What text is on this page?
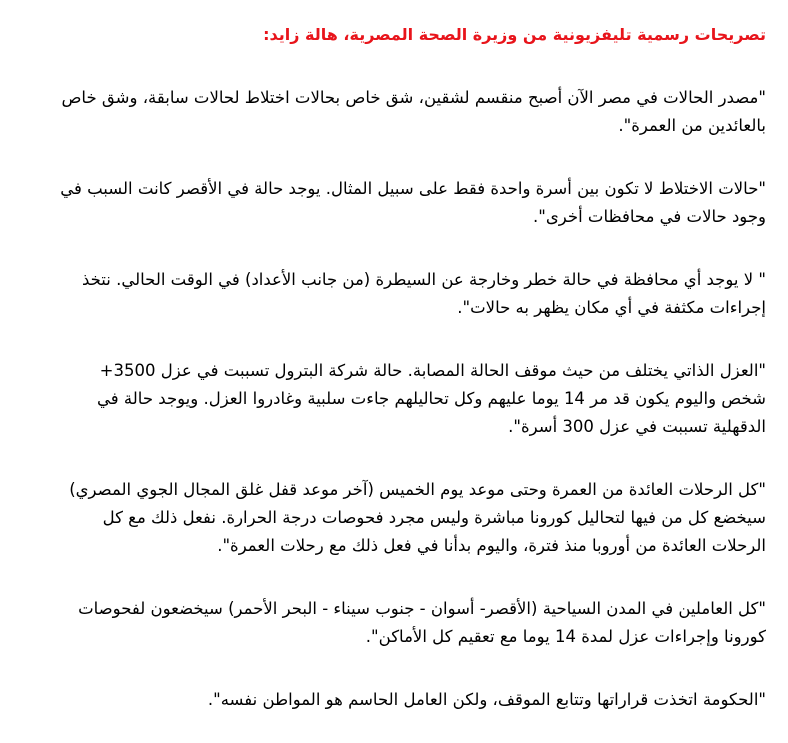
تصريحات رسمية تليفزيونية من وزيرة الصحة المصرية، هالة زايد:
"مصدر الحالات في مصر الآن أصبح منقسم لشقين، شق خاص بحالات اختلاط لحالات سابقة، وشق خاص بالعائدين من العمرة".
"حالات الاختلاط لا تكون بين أسرة واحدة فقط على سبيل المثال. يوجد حالة في الأقصر كانت السبب في وجود حالات في محافظات أخرى".
" لا يوجد أي محافظة في حالة خطر وخارجة عن السيطرة (من جانب الأعداد) في الوقت الحالي. نتخذ إجراءات مكثفة في أي مكان يظهر به حالات".
"العزل الذاتي يختلف من حيث موقف الحالة المصابة. حالة شركة البترول تسببت في عزل 3500+ شخص واليوم يكون قد مر 14 يوما عليهم وكل تحاليلهم جاءت سلبية وغادروا العزل. ويوجد حالة في الدقهلية تسببت في عزل 300 أسرة".
"كل الرحلات العائدة من العمرة وحتى موعد يوم الخميس (آخر موعد قفل غلق المجال الجوي المصري) سيخضع كل من فيها لتحاليل كورونا مباشرة وليس مجرد فحوصات درجة الحرارة. نفعل ذلك مع كل الرحلات العائدة من أوروبا منذ فترة، واليوم بدأنا في فعل ذلك مع رحلات العمرة".
"كل العاملين في المدن السياحية (الأقصر- أسوان - جنوب سيناء - البحر الأحمر) سيخضعون لفحوصات كورونا وإجراءات عزل لمدة 14 يوما مع تعقيم كل الأماكن".
"الحكومة اتخذت قراراتها وتتابع الموقف، ولكن العامل الحاسم هو المواطن نفسه".
